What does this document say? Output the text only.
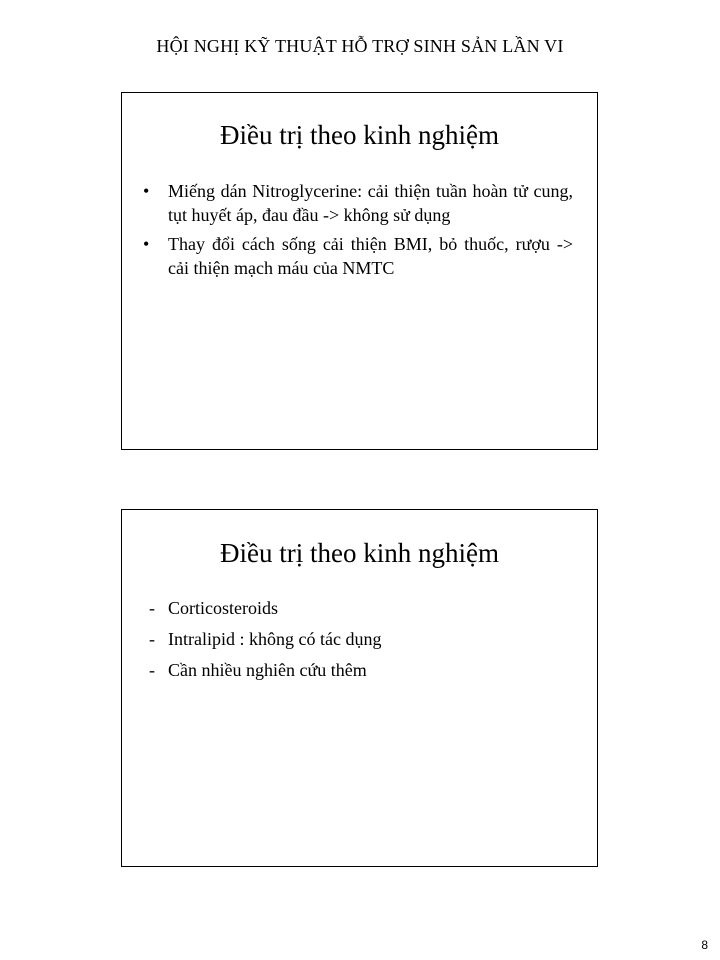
HỘI NGHỊ KỸ THUẬT HỖ TRỢ SINH SẢN LẦN VI
Điều trị theo kinh nghiệm
• Miếng dán Nitroglycerine: cải thiện tuần hoàn tử cung, tụt huyết áp, đau đầu -> không sử dụng
• Thay đổi cách sống cải thiện BMI, bỏ thuốc, rượu -> cải thiện mạch máu của NMTC
Điều trị theo kinh nghiệm
- Corticosteroids
- Intralipid : không có tác dụng
- Cần nhiều nghiên cứu thêm
8
